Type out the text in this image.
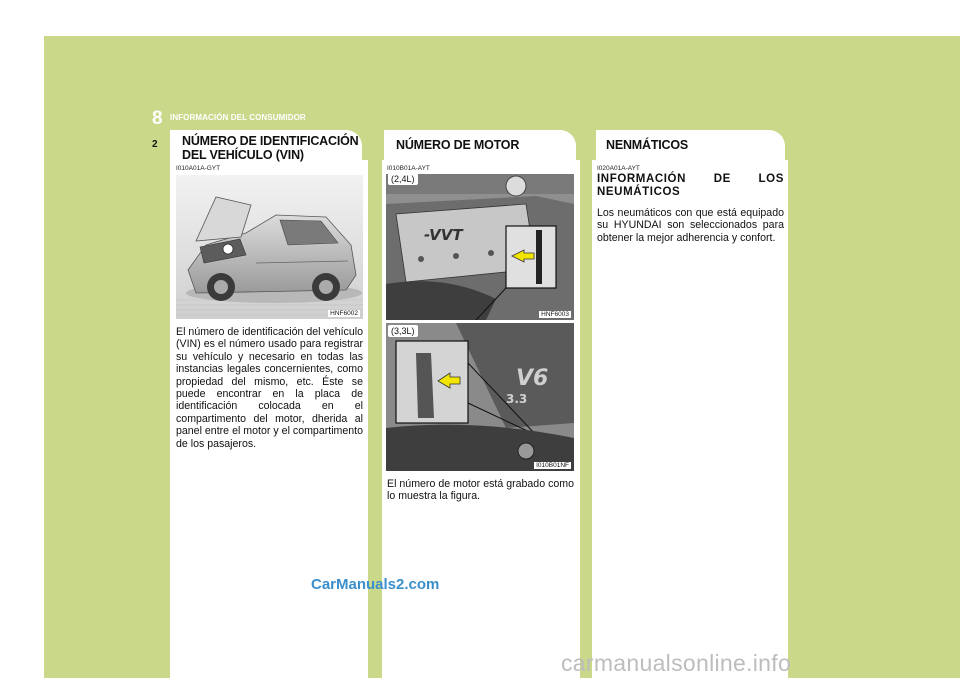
8 INFORMACIÓN DEL CONSUMIDOR
2 NÚMERO DE IDENTIFICACIÓN
DEL VEHÍCULO (VIN)
NÚMERO DE MOTOR	NENMÁTICOS
I010A01A-GYT
HNF6002
El número de identificación del vehículo (VIN) es el número usado para registrar su vehículo y necesario en todas las instancias legales concernientes, como propiedad del mismo, etc. Éste se puede encontrar en la placa de identificación colocada en el compartimento del motor, dherida al panel entre el motor y el compartimento de los pasajeros.
I010B01A-AYT
-VVT
(2,4L)
HNF6003
V6
3.3
(3,3L)
I010B01NF
El número de motor está grabado como lo muestra la figura.
I020A01A-AYT
INFORMACIÓN DE LOS NEUMÁTICOS
Los neumáticos con que está equipado su HYUNDAI son seleccionados para obtener la mejor adherencia y confort.
CarManuals2.com
carmanualsonline.info
